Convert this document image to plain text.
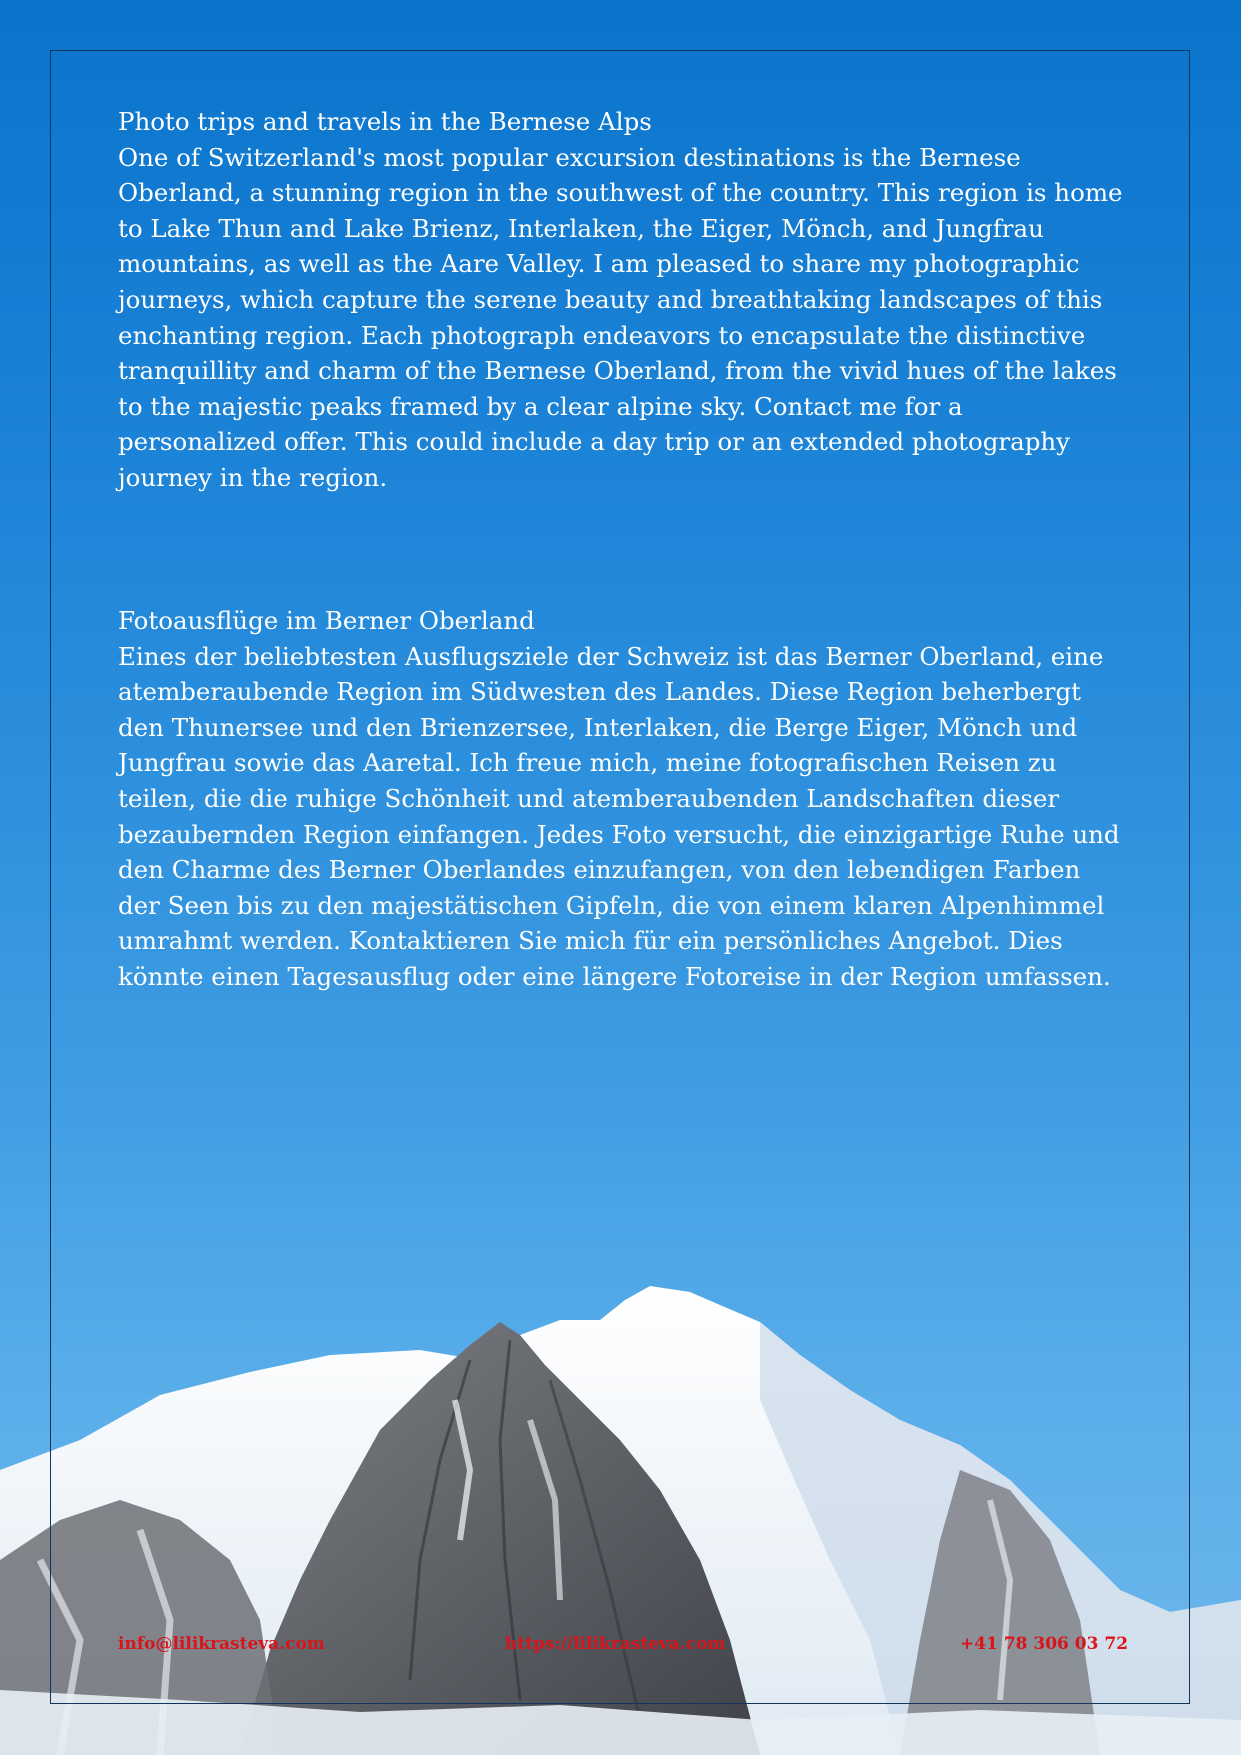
Photo trips and travels in the Bernese Alps

One of Switzerland's most popular excursion destinations is the Bernese Oberland, a stunning region in the southwest of the country. This region is home to Lake Thun and Lake Brienz, Interlaken, the Eiger, Mönch, and Jungfrau mountains, as well as the Aare Valley. I am pleased to share my photographic journeys, which capture the serene beauty and breathtaking landscapes of this enchanting region. Each photograph endeavors to encapsulate the distinctive tranquillity and charm of the Bernese Oberland, from the vivid hues of the lakes to the majestic peaks framed by a clear alpine sky. Contact me for a personalized offer. This could include a day trip or an extended photography journey in the region.

Fotoausflüge im Berner Oberland

Eines der beliebtesten Ausflugsziele der Schweiz ist das Berner Oberland, eine atemberaubende Region im Südwesten des Landes. Diese Region beherbergt den Thunersee und den Brienzersee, Interlaken, die Berge Eiger, Mönch und Jungfrau sowie das Aaretal. Ich freue mich, meine fotografischen Reisen zu teilen, die die ruhige Schönheit und atemberaubenden Landschaften dieser bezaubernden Region einfangen. Jedes Foto versucht, die einzigartige Ruhe und den Charme des Berner Oberlandes einzufangen, von den lebendigen Farben der Seen bis zu den majestätischen Gipfeln, die von einem klaren Alpenhimmel umrahmt werden. Kontaktieren Sie mich für ein persönliches Angebot. Dies könnte einen Tagesausflug oder eine längere Fotoreise in der Region umfassen.

info@lilikrasteva.com	https://lilikrasteva.com	+41 78 306 03 72
